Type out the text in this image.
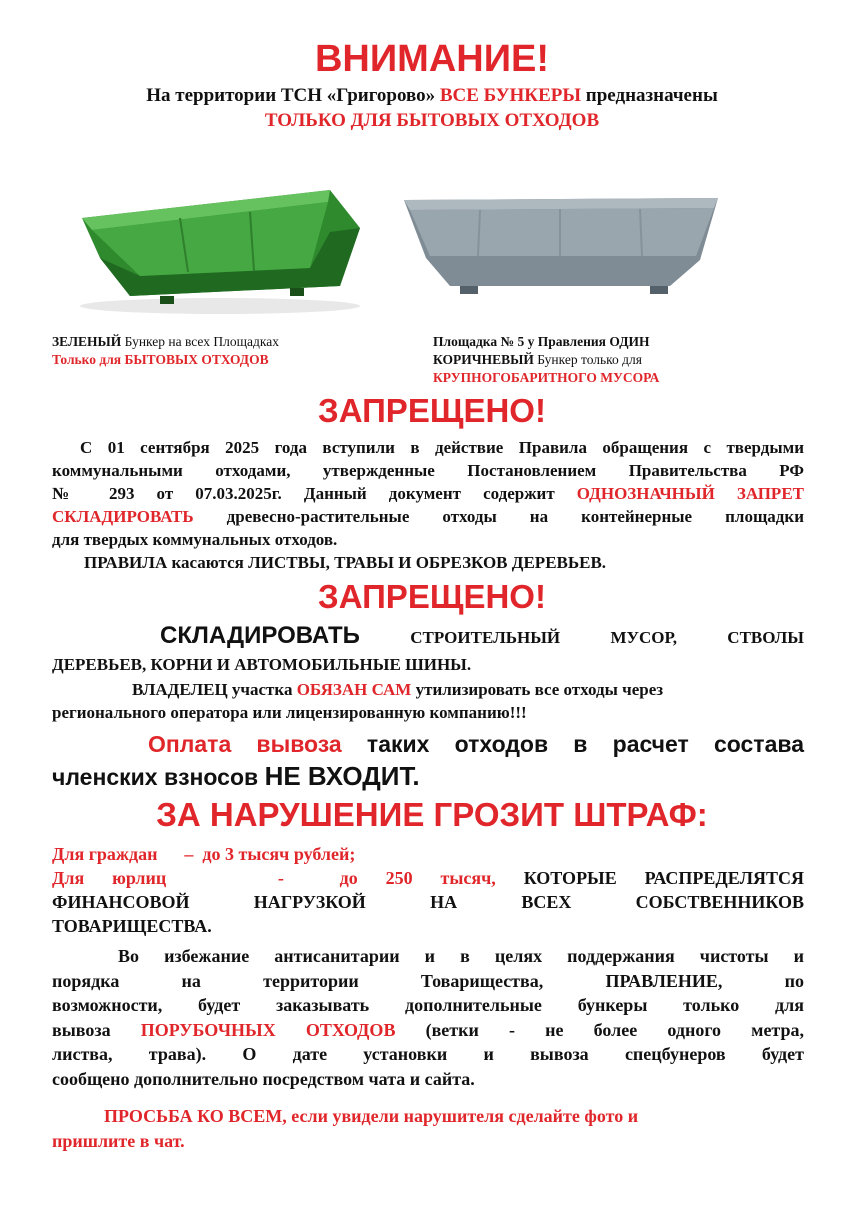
ВНИМАНИЕ!
На территории ТСН «Григорово» ВСЕ БУНКЕРЫ предназначены
ТОЛЬКО ДЛЯ БЫТОВЫХ ОТХОДОВ
ЗЕЛЕНЫЙ Бункер на всех Площадках
Только для БЫТОВЫХ ОТХОДОВ
Площадка № 5 у Правления ОДИН
КОРИЧНЕВЫЙ Бункер только для
КРУПНОГОБАРИТНОГО МУСОРА
ЗАПРЕЩЕНО!
С 01 сентября 2025 года вступили в действие Правила обращения с твердыми
коммунальными отходами, утвержденные Постановлением Правительства РФ
№ 293 от 07.03.2025г. Данный документ содержит ОДНОЗНАЧНЫЙ ЗАПРЕТ
СКЛАДИРОВАТЬ древесно-растительные отходы на контейнерные площадки
для твердых коммунальных отходов.
ПРАВИЛА касаются ЛИСТВЫ, ТРАВЫ И ОБРЕЗКОВ ДЕРЕВЬЕВ.
ЗАПРЕЩЕНО!
СКЛАДИРОВАТЬ СТРОИТЕЛЬНЫЙ МУСОР, СТВОЛЫ
ДЕРЕВЬЕВ, КОРНИ И АВТОМОБИЛЬНЫЕ ШИНЫ.
ВЛАДЕЛЕЦ участка ОБЯЗАН САМ утилизировать все отходы через
регионального оператора или лицензированную компанию!!!
Оплата вывоза таких отходов в расчет состава
членских взносов НЕ ВХОДИТ.
ЗА НАРУШЕНИЕ ГРОЗИТ ШТРАФ:
Для граждан      –  до 3 тысяч рублей;
Для юрлиц    -  до 250 тысяч, КОТОРЫЕ РАСПРЕДЕЛЯТСЯ
ФИНАНСОВОЙ НАГРУЗКОЙ НА ВСЕХ СОБСТВЕННИКОВ
ТОВАРИЩЕСТВА.
Во избежание антисанитарии и в целях поддержания чистоты и
порядка на территории Товарищества, ПРАВЛЕНИЕ, по
возможности, будет заказывать дополнительные бункеры только для
вывоза ПОРУБОЧНЫХ ОТХОДОВ (ветки - не более одного метра,
листва, трава). О дате установки и вывоза спецбунеров будет
сообщено дополнительно посредством чата и сайта.
ПРОСЬБА КО ВСЕМ, если увидели нарушителя сделайте фото и
пришлите в чат.
